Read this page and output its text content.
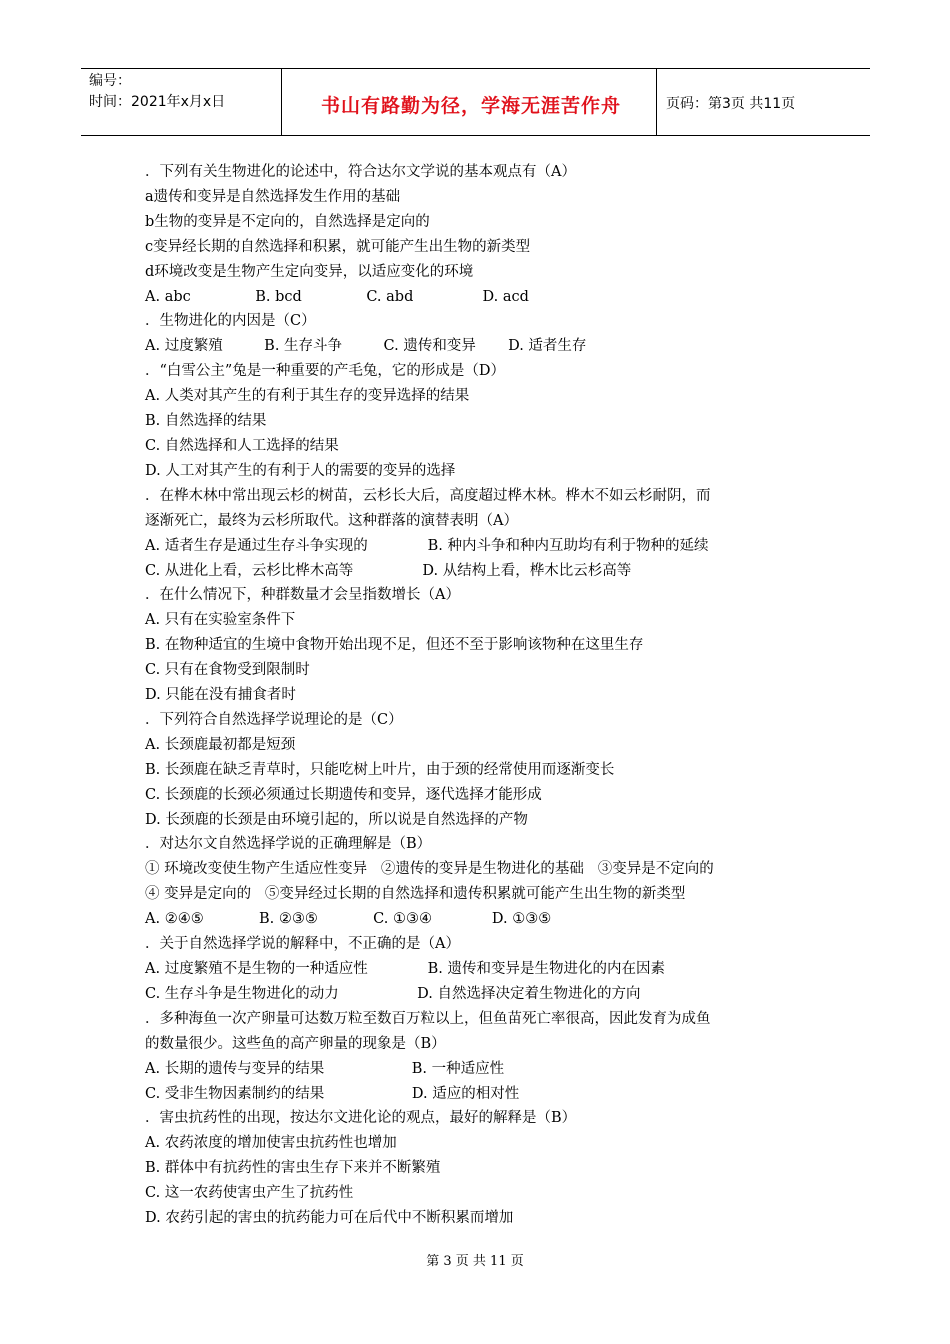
编号：
时间：2021年x月x日	书山有路勤为径，学海无涯苦作舟	页码：第3页 共11页
．下列有关生物进化的论述中，符合达尔文学说的基本观点有（A）
a遗传和变异是自然选择发生作用的基础
b生物的变异是不定向的，自然选择是定向的
c变异经长期的自然选择和积累，就可能产生出生物的新类型
d环境改变是生物产生定向变异，以适应变化的环境
A. abc              B. bcd              C. abd               D. acd
．生物进化的内因是（C）
A. 过度繁殖         B. 生存斗争         C. 遗传和变异       D. 适者生存
．“白雪公主”兔是一种重要的产毛兔，它的形成是（D）
A. 人类对其产生的有利于其生存的变异选择的结果
B. 自然选择的结果
C. 自然选择和人工选择的结果
D. 人工对其产生的有利于人的需要的变异的选择
．在桦木林中常出现云杉的树苗，云杉长大后，高度超过桦木林。桦木不如云杉耐阴，而
逐渐死亡，最终为云杉所取代。这种群落的演替表明（A）
A. 适者生存是通过生存斗争实现的             B. 种内斗争和种内互助均有利于物种的延续
C. 从进化上看，云杉比桦木高等               D. 从结构上看，桦木比云杉高等
．在什么情况下，种群数量才会呈指数增长（A）
A. 只有在实验室条件下
B. 在物种适宜的生境中食物开始出现不足，但还不至于影响该物种在这里生存
C. 只有在食物受到限制时
D. 只能在没有捕食者时
．下列符合自然选择学说理论的是（C）
A. 长颈鹿最初都是短颈
B. 长颈鹿在缺乏青草时，只能吃树上叶片，由于颈的经常使用而逐渐变长
C. 长颈鹿的长颈必须通过长期遗传和变异，逐代选择才能形成
D. 长颈鹿的长颈是由环境引起的，所以说是自然选择的产物
．对达尔文自然选择学说的正确理解是（B）
① 环境改变使生物产生适应性变异   ②遗传的变异是生物进化的基础   ③变异是不定向的
④ 变异是定向的   ⑤变异经过长期的自然选择和遗传积累就可能产生出生物的新类型
A. ②④⑤            B. ②③⑤            C. ①③④             D. ①③⑤
．关于自然选择学说的解释中，不正确的是（A）
A. 过度繁殖不是生物的一种适应性             B. 遗传和变异是生物进化的内在因素
C. 生存斗争是生物进化的动力                 D. 自然选择决定着生物进化的方向
．多种海鱼一次产卵量可达数万粒至数百万粒以上，但鱼苗死亡率很高，因此发育为成鱼
的数量很少。这些鱼的高产卵量的现象是（B）
A. 长期的遗传与变异的结果                   B. 一种适应性
C. 受非生物因素制约的结果                   D. 适应的相对性
．害虫抗药性的出现，按达尔文进化论的观点，最好的解释是（B）
A. 农药浓度的增加使害虫抗药性也增加
B. 群体中有抗药性的害虫生存下来并不断繁殖
C. 这一农药使害虫产生了抗药性
D. 农药引起的害虫的抗药能力可在后代中不断积累而增加
第 3 页 共 11 页
